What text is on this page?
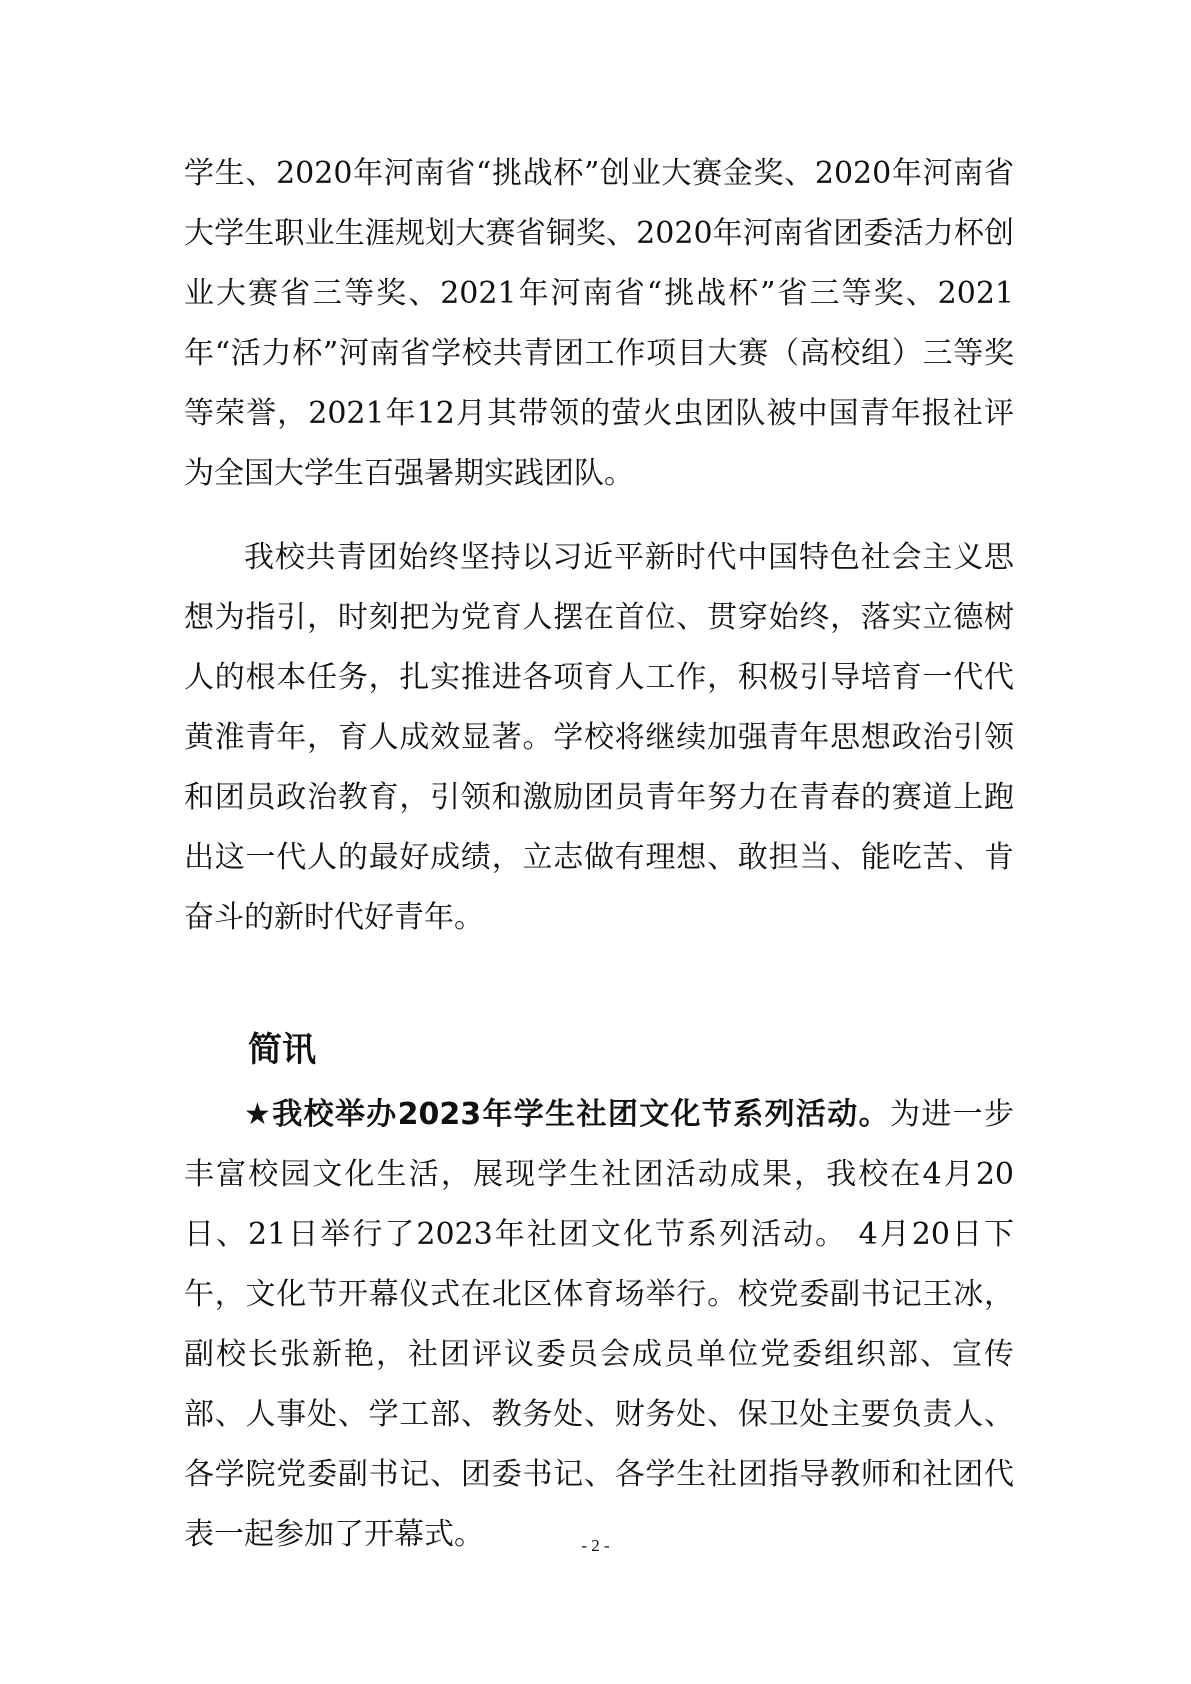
学生、2020年河南省“挑战杯”创业大赛金奖、2020年河南省大学生职业生涯规划大赛省铜奖、2020年河南省团委活力杯创业大赛省三等奖、2021年河南省“挑战杯”省三等奖、2021年“活力杯”河南省学校共青团工作项目大赛（高校组）三等奖等荣誉，2021年12月其带领的萤火虫团队被中国青年报社评为全国大学生百强暑期实践团队。

我校共青团始终坚持以习近平新时代中国特色社会主义思想为指引，时刻把为党育人摆在首位、贯穿始终，落实立德树人的根本任务，扎实推进各项育人工作，积极引导培育一代代黄淮青年，育人成效显著。学校将继续加强青年思想政治引领和团员政治教育，引领和激励团员青年努力在青春的赛道上跑出这一代人的最好成绩，立志做有理想、敢担当、能吃苦、肯奋斗的新时代好青年。

简讯

★我校举办2023年学生社团文化节系列活动。为进一步丰富校园文化生活，展现学生社团活动成果，我校在4月20日、21日举行了2023年社团文化节系列活动。 4月20日下午，文化节开幕仪式在北区体育场举行。校党委副书记王冰，副校长张新艳，社团评议委员会成员单位党委组织部、宣传部、人事处、学工部、教务处、财务处、保卫处主要负责人、各学院党委副书记、团委书记、各学生社团指导教师和社团代表一起参加了开幕式。	- 2 -
